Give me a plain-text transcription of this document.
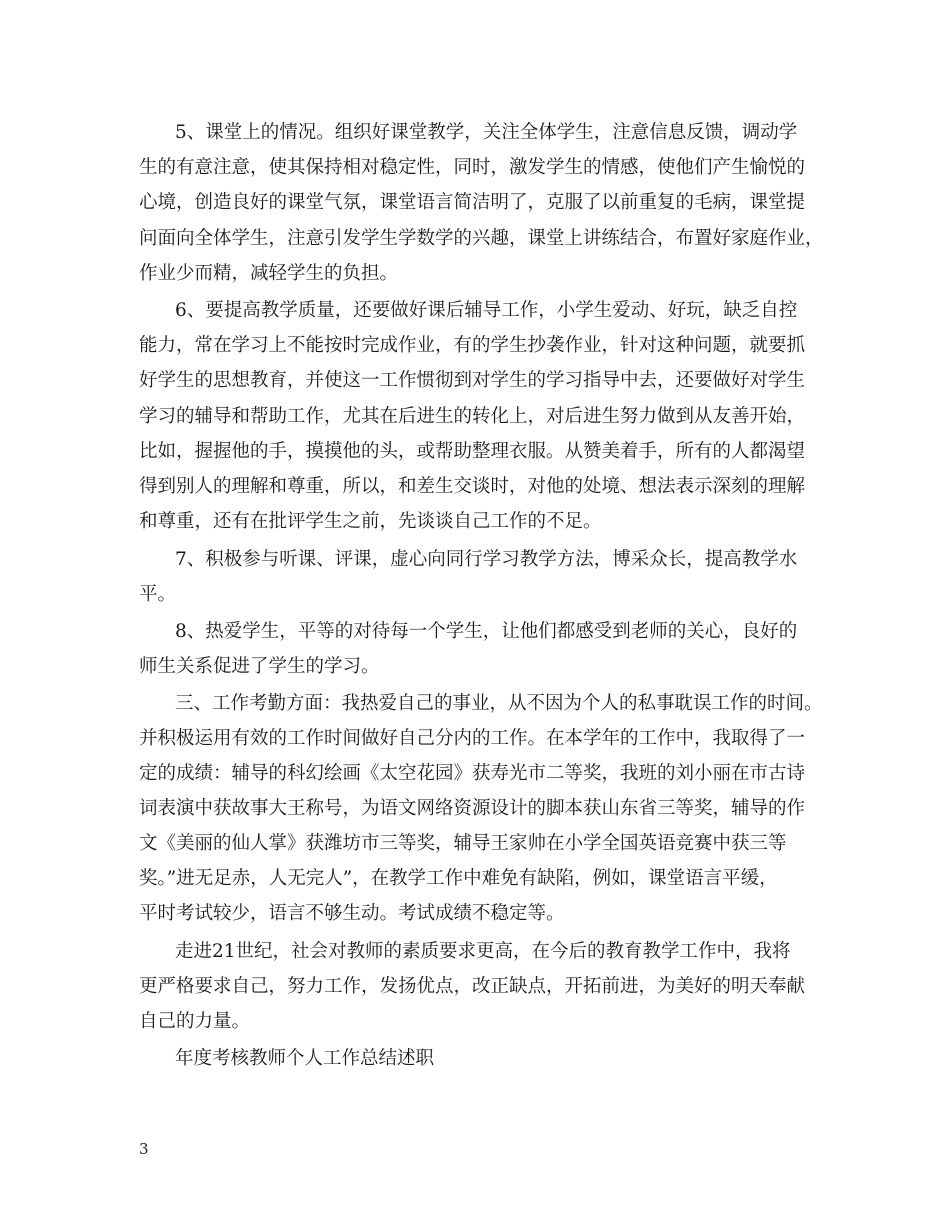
5、课堂上的情况。组织好课堂教学，关注全体学生，注意信息反馈，调动学
生的有意注意，使其保持相对稳定性，同时，激发学生的情感，使他们产生愉悦的
心境，创造良好的课堂气氛，课堂语言简洁明了，克服了以前重复的毛病，课堂提
问面向全体学生，注意引发学生学数学的兴趣，课堂上讲练结合，布置好家庭作业，
作业少而精，减轻学生的负担。
6、要提高教学质量，还要做好课后辅导工作，小学生爱动、好玩，缺乏自控
能力，常在学习上不能按时完成作业，有的学生抄袭作业，针对这种问题，就要抓
好学生的思想教育，并使这一工作惯彻到对学生的学习指导中去，还要做好对学生
学习的辅导和帮助工作，尤其在后进生的转化上，对后进生努力做到从友善开始，
比如，握握他的手，摸摸他的头，或帮助整理衣服。从赞美着手，所有的人都渴望
得到别人的理解和尊重，所以，和差生交谈时，对他的处境、想法表示深刻的理解
和尊重，还有在批评学生之前，先谈谈自己工作的不足。
7、积极参与听课、评课，虚心向同行学习教学方法，博采众长，提高教学水
平。
8、热爱学生，平等的对待每一个学生，让他们都感受到老师的关心，良好的
师生关系促进了学生的学习。
三、工作考勤方面：我热爱自己的事业，从不因为个人的私事耽误工作的时间。
并积极运用有效的工作时间做好自己分内的工作。在本学年的工作中，我取得了一
定的成绩：辅导的科幻绘画《太空花园》获寿光市二等奖，我班的刘小丽在市古诗
词表演中获故事大王称号，为语文网络资源设计的脚本获山东省三等奖，辅导的作
文《美丽的仙人掌》获潍坊市三等奖，辅导王家帅在小学全国英语竞赛中获三等
奖。”进无足赤，人无完人”，在教学工作中难免有缺陷，例如，课堂语言平缓，
平时考试较少，语言不够生动。考试成绩不稳定等。
走进21世纪，社会对教师的素质要求更高，在今后的教育教学工作中，我将
更严格要求自己，努力工作，发扬优点，改正缺点，开拓前进，为美好的明天奉献
自己的力量。
年度考核教师个人工作总结述职
3
